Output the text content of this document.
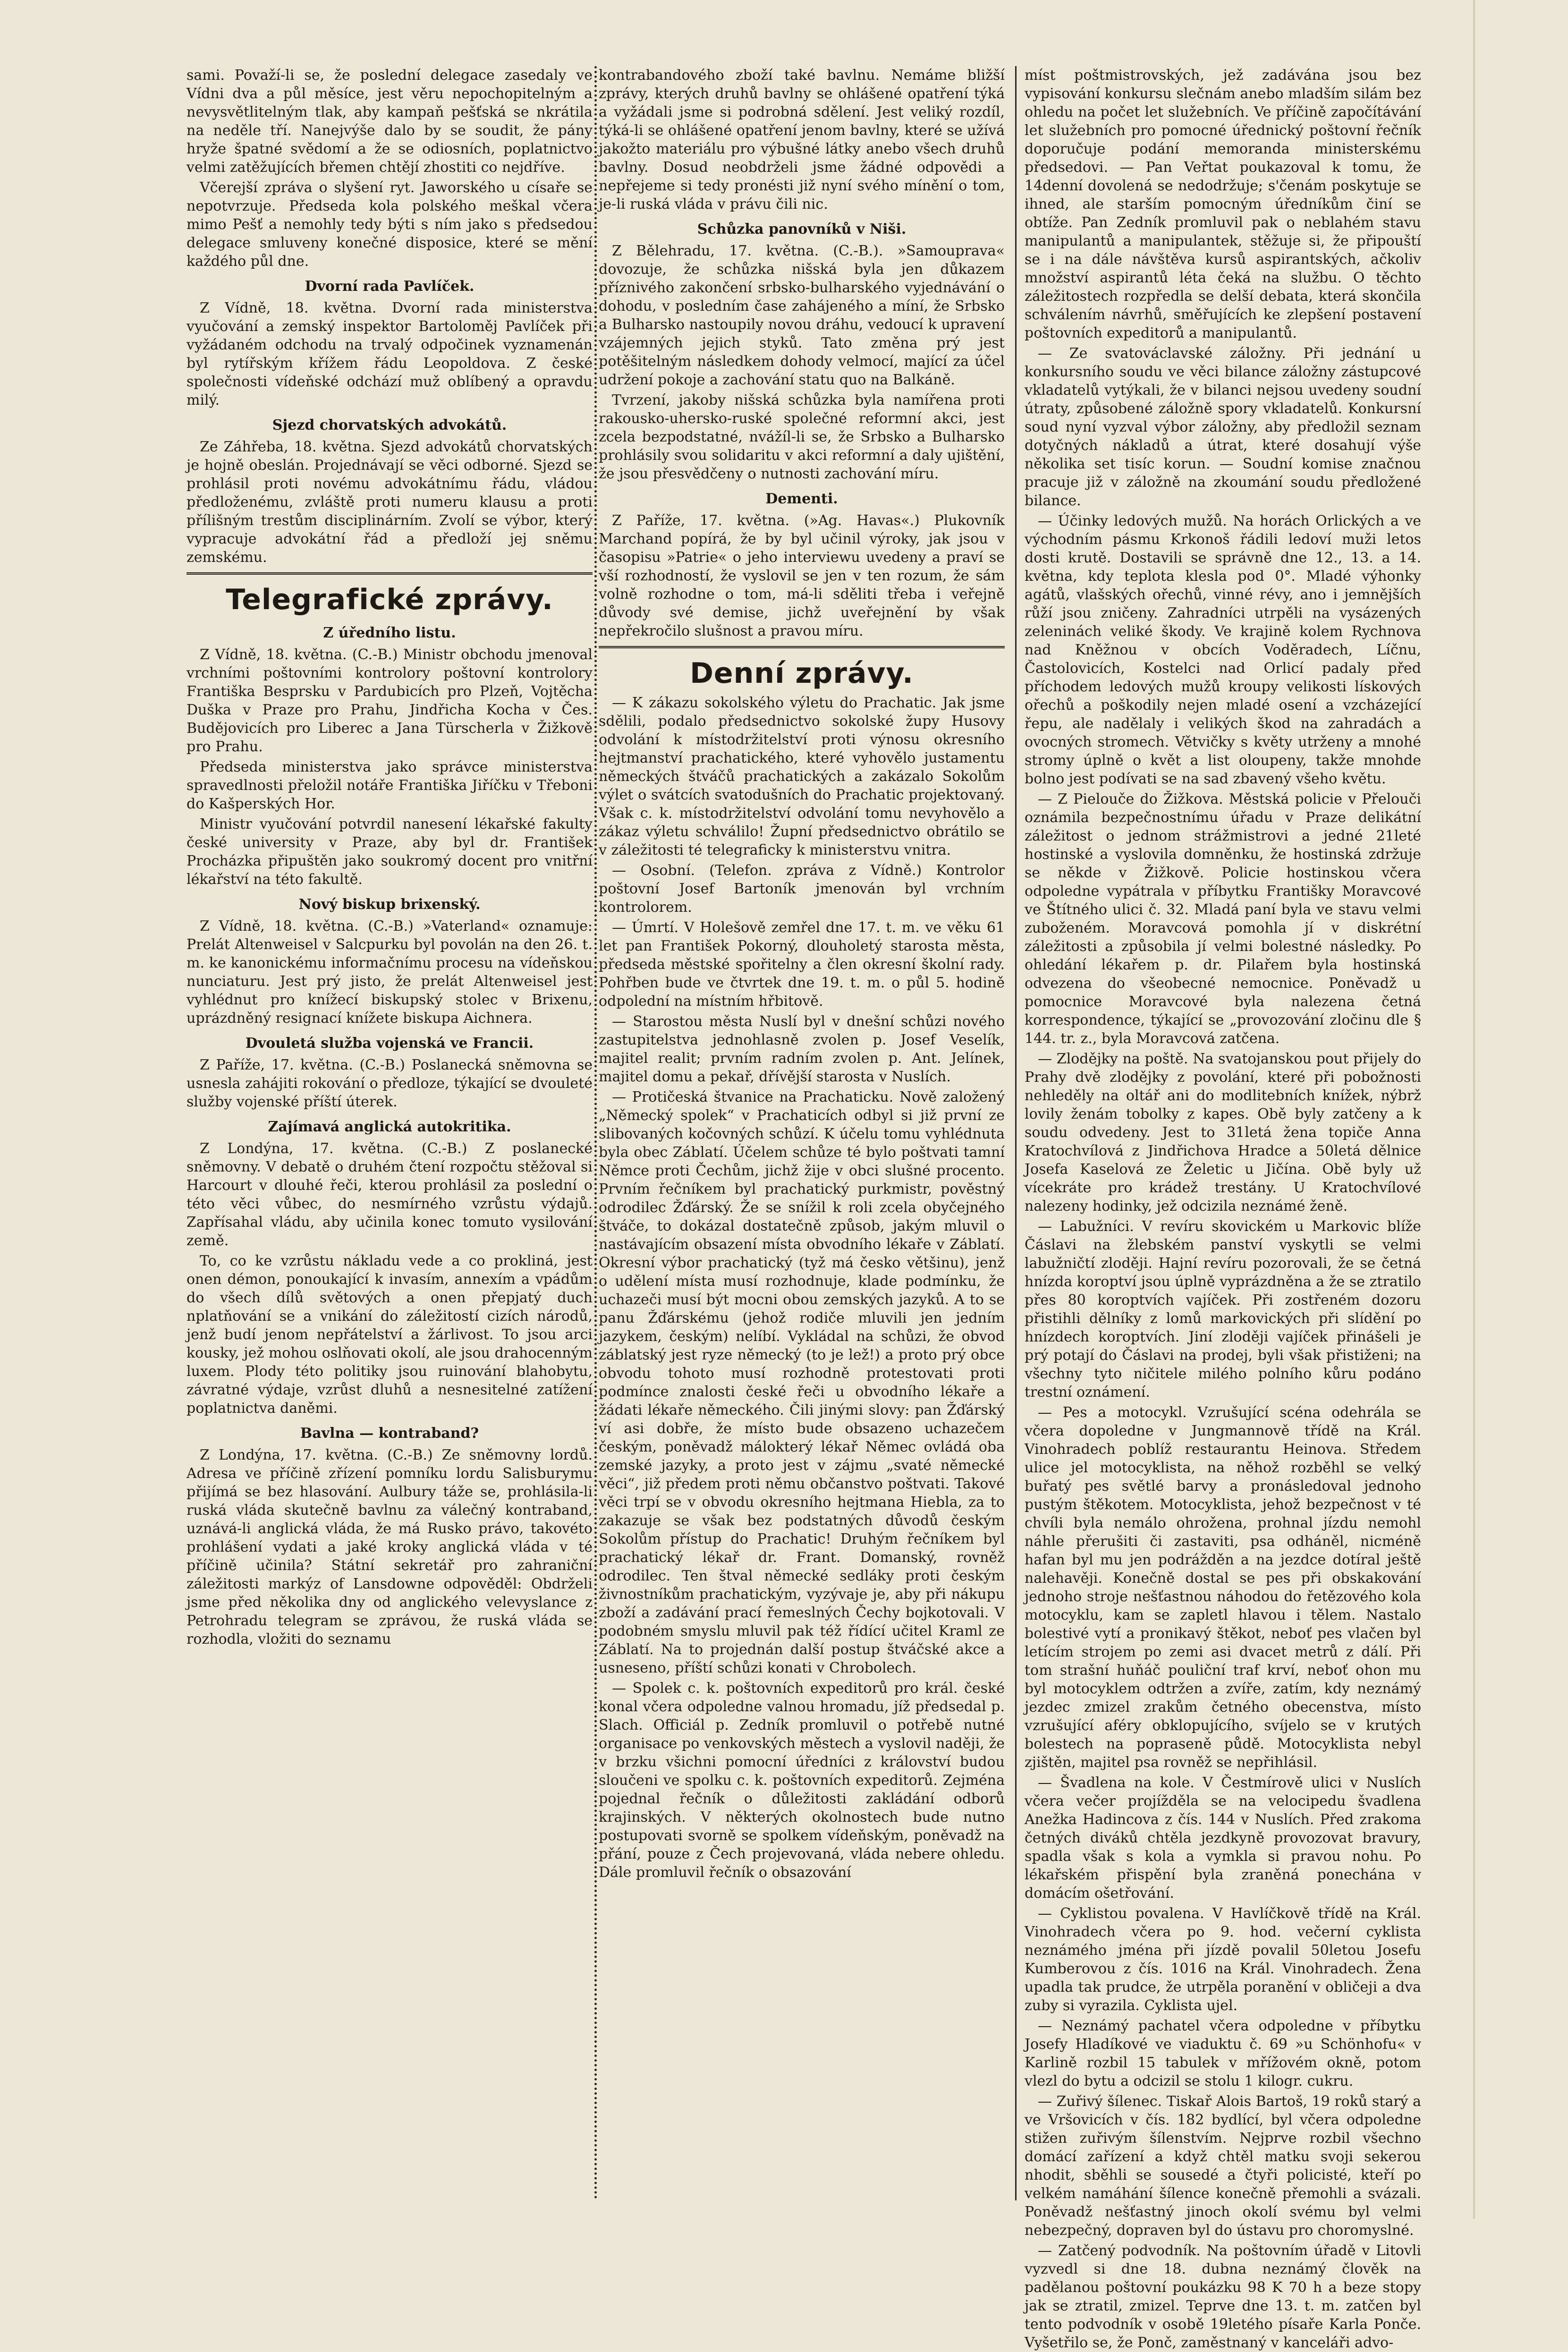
sami. Považí-li se, že poslední delegace zasedaly ve Vídni dva a půl měsíce, jest věru nepochopitelným a nevysvětlitelným tlak, aby kampaň pešťská se nkrátila na neděle tří. Nanejvýše dalo by se soudit, že pány hryže špatné svědomí a že se odiosních, poplatnictvo velmi zatěžujících břemen chtějí zhostiti co nejdříve.

Včerejší zpráva o slyšení ryt. Jaworského u císaře se nepotvrzuje. Předseda kola polského meškal včera mimo Pešť a nemohly tedy býti s ním jako s předsedou delegace smluveny konečné disposice, které se mění každého půl dne.

Dvorní rada Pavlíček.

Z Vídně, 18. května. Dvorní rada ministerstva vyučování a zemský inspektor Bartoloměj Pavlíček při vyžádaném odchodu na trvalý odpočinek vyznamenán byl rytířským křížem řádu Leopoldova. Z české společnosti vídeňské odchází muž oblíbený a opravdu milý.

Sjezd chorvatských advokátů.

Ze Záhřeba, 18. května. Sjezd advokátů chorvatských je hojně obeslán. Projednávají se věci odborné. Sjezd se prohlásil proti novému advokátnímu řádu, vládou předloženému, zvláště proti numeru klausu a proti přílišným trestům disciplinárním. Zvolí se výbor, který vypracuje advokátní řád a předloží jej sněmu zemskému.

Telegrafické zprávy.
Z úředního listu.

Z Vídně, 18. května. (C.-B.) Ministr obchodu jmenoval vrchními poštovními kontrolory poštovní kontrolory Františka Besprsku v Pardubicích pro Plzeň, Vojtěcha Duška v Praze pro Prahu, Jindřicha Kocha v Čes. Budějovicích pro Liberec a Jana Türscherla v Žižkově pro Prahu.

Předseda ministerstva jako správce ministerstva spravedlnosti přeložil notáře Františka Jiříčku v Třeboni do Kašperských Hor.

Ministr vyučování potvrdil nanesení lékařské fakulty české university v Praze, aby byl dr. František Procházka připuštěn jako soukromý docent pro vnitřní lékařství na této fakultě.

Nový biskup brixenský.

Z Vídně, 18. května. (C.-B.) »Vaterland« oznamuje: Prelát Altenweisel v Salcpurku byl povolán na den 26. t. m. ke kanonickému informačnímu procesu na vídeňskou nunciaturu. Jest prý jisto, že prelát Altenweisel jest vyhlédnut pro knížecí biskupský stolec v Brixenu, uprázdněný resignací knížete biskupa Aichnera.

Dvouletá služba vojenská ve Francii.

Z Paříže, 17. května. (C.-B.) Poslanecká sněmovna se usnesla zahájiti rokování o předloze, týkající se dvouleté služby vojenské příští úterek.

Zajímavá anglická autokritika.

Z Londýna, 17. května. (C.-B.) Z poslanecké sněmovny. V debatě o druhém čtení rozpočtu stěžoval si Harcourt v dlouhé řeči, kterou prohlásil za poslední o této věci vůbec, do nesmírného vzrůstu výdajů. Zapřísahal vládu, aby učinila konec tomuto vysilování země.

To, co ke vzrůstu nákladu vede a co prokliná, jest onen démon, ponoukající k invasím, annexím a vpádům do všech dílů světových a onen přepjatý duch nplatňování se a vnikání do záležitostí cizích národů, jenž budí jenom nepřátelství a žárlivost. To jsou arci kousky, jež mohou oslňovati okolí, ale jsou drahocenným luxem. Plody této politiky jsou ruinování blahobytu, závratné výdaje, vzrůst dluhů a nesnesitelné zatížení poplatnictva daněmi.

Bavlna — kontraband?

Z Londýna, 17. května. (C.-B.) Ze sněmovny lordů. Adresa ve příčině zřízení pomníku lordu Salisburymu přijímá se bez hlasování. Aulbury táže se, prohlásila-li ruská vláda skutečně bavlnu za válečný kontraband, uznává-li anglická vláda, že má Rusko právo, takovéto prohlášení vydati a jaké kroky anglická vláda v té příčině učinila? Státní sekretář pro zahraniční záležitosti markýz of Lansdowne odpověděl: Obdrželi jsme před několika dny od anglického velevyslance z Petrohradu telegram se zprávou, že ruská vláda se rozhodla, vložiti do seznamu

kontrabandového zboží také bavlnu. Nemáme bližší zprávy, kterých druhů bavlny se ohlášené opatření týká a vyžádali jsme si podrobná sdělení. Jest veliký rozdíl, týká-li se ohlášené opatření jenom bavlny, které se užívá jakožto materiálu pro výbušné látky anebo všech druhů bavlny. Dosud neobdrželi jsme žádné odpovědi a nepřejeme si tedy pronésti již nyní svého mínění o tom, je-li ruská vláda v právu čili nic.

Schůzka panovníků v Niši.

Z Bělehradu, 17. května. (C.-B.). »Samouprava« dovozuje, že schůzka nišská byla jen důkazem příznivého zakončení srbsko-bulharského vyjednávání o dohodu, v posledním čase zahájeného a míní, že Srbsko a Bulharsko nastoupily novou dráhu, vedoucí k upravení vzájemných jejich styků. Tato změna prý jest potěšitelným následkem dohody velmocí, mající za účel udržení pokoje a zachování statu quo na Balkáně.

Tvrzení, jakoby nišská schůzka byla namířena proti rakousko-uhersko-ruské společné reformní akci, jest zcela bezpodstatné, nvážíl-li se, že Srbsko a Bulharsko prohlásily svou solidaritu v akci reformní a daly ujištění, že jsou přesvědčeny o nutnosti zachování míru.

Dementi.

Z Paříže, 17. května. (»Ag. Havas«.) Plukovník Marchand popírá, že by byl učinil výroky, jak jsou v časopisu »Patrie« o jeho interviewu uvedeny a praví se vší rozhodností, že vyslovil se jen v ten rozum, že sám volně rozhodne o tom, má-li sděliti třeba i veřejně důvody své demise, jichž uveřejnění by však nepřekročilo slušnost a pravou míru.

Denní zprávy.

— K zákazu sokolského výletu do Prachatic. Jak jsme sdělili, podalo předsednictvo sokolské župy Husovy odvolání k místodržitelství proti výnosu okresního hejtmanství prachatického, které vyhovělo justamentu německých štváčů prachatických a zakázalo Sokolům výlet o svátcích svatodušních do Prachatic projektovaný. Však c. k. místodržitelství odvolání tomu nevyhovělo a zákaz výletu schválilo! Župní předsednictvo obrátilo se v záležitosti té telegraficky k ministerstvu vnitra.

— Osobní. (Telefon. zpráva z Vídně.) Kontrolor poštovní Josef Bartoník jmenován byl vrchním kontrolorem.

— Úmrtí. V Holešově zemřel dne 17. t. m. ve věku 61 let pan František Pokorný, dlouholetý starosta města, předseda městské spořitelny a člen okresní školní rady. Pohřben bude ve čtvrtek dne 19. t. m. o půl 5. hodině odpolední na místním hřbitově.

— Starostou města Nuslí byl v dnešní schůzi nového zastupitelstva jednohlasně zvolen p. Josef Veselík, majitel realit; prvním radním zvolen p. Ant. Jelínek, majitel domu a pekař, dřívější starosta v Nuslích.

— Protičeská štvanice na Prachaticku. Nově založený „Německý spolek“ v Prachaticích odbyl si již první ze slibovaných kočovných schůzí. K účelu tomu vyhlédnuta byla obec Záblatí. Účelem schůze té bylo poštvati tamní Němce proti Čechům, jichž žije v obci slušné procento. Prvním řečníkem byl prachatický purkmistr, pověstný odrodilec Žďárský. Že se snížil k roli zcela obyčejného štváče, to dokázal dostatečně způsob, jakým mluvil o nastávajícím obsazení místa obvodního lékaře v Záblatí. Okresní výbor prachatický (tyž má česko většinu), jenž o udělení místa musí rozhodnuje, klade podmínku, že uchazeči musí být mocni obou zemských jazyků. A to se panu Žďárskému (jehož rodiče mluvili jen jedním jazykem, českým) nelíbí. Vykládal na schůzi, že obvod záblatský jest ryze německý (to je lež!) a proto prý obce obvodu tohoto musí rozhodně protestovati proti podmínce znalosti české řeči u obvodního lékaře a žádati lékaře německého. Čili jinými slovy: pan Žďárský ví asi dobře, že místo bude obsazeno uchazečem českým, poněvadž málokterý lékař Němec ovládá oba zemské jazyky, a proto jest v zájmu „svaté německé věci“, již předem proti němu občanstvo poštvati. Takové věci trpí se v obvodu okresního hejtmana Hiebla, za to zakazuje se však bez podstatných důvodů českým Sokolům přístup do Prachatic! Druhým řečníkem byl prachatický lékař dr. Frant. Domanský, rovněž odrodilec. Ten štval německé sedláky proti českým živnostníkům prachatickým, vyzývaje je, aby při nákupu zboží a zadávání prací řemeslných Čechy bojkotovali. V podobném smyslu mluvil pak též řídící učitel Kraml ze Záblatí. Na to projednán další postup štváčské akce a usneseno, příští schůzi konati v Chrobolech.

— Spolek c. k. poštovních expeditorů pro král. české konal včera odpoledne valnou hromadu, jíž předsedal p. Slach. Officiál p. Zedník promluvil o potřebě nutné organisace po venkovských městech a vyslovil naději, že v brzku všichni pomocní úředníci z království budou sloučeni ve spolku c. k. poštovních expeditorů. Zejména pojednal řečník o důležitosti zakládání odborů krajinských. V některých okolnostech bude nutno postupovati svorně se spolkem vídeňským, poněvadž na přání, pouze z Čech projevovaná, vláda nebere ohledu. Dále promluvil řečník o obsazování

míst poštmistrovských, jež zadávána jsou bez vypisování konkursu slečnám anebo mladším silám bez ohledu na počet let služebních. Ve příčině započítávání let služebních pro pomocné úřednický poštovní řečník doporučuje podání memoranda ministerskému předsedovi. — Pan Veřtat poukazoval k tomu, že 14denní dovolená se nedodržuje; s'čenám poskytuje se ihned, ale starším pomocným úředníkům činí se obtíže. Pan Zedník promluvil pak o neblahém stavu manipulantů a manipulantek, stěžuje si, že připouští se i na dále návštěva kursů aspirantských, ačkoliv množství aspirantů léta čeká na službu. O těchto záležitostech rozpředla se delší debata, která skončila schválením návrhů, směřujících ke zlepšení postavení poštovních expeditorů a manipulantů.

— Ze svatováclavské záložny. Při jednání u konkursního soudu ve věci bilance záložny zástupcové vkladatelů vytýkali, že v bilanci nejsou uvedeny soudní útraty, způsobené záložně spory vkladatelů. Konkursní soud nyní vyzval výbor záložny, aby předložil seznam dotyčných nákladů a útrat, které dosahují výše několika set tisíc korun. — Soudní komise značnou pracuje již v záložně na zkoumání soudu předložené bilance.

— Účinky ledových mužů. Na horách Orlických a ve východním pásmu Krkonoš řádili ledoví muži letos dosti krutě. Dostavili se správně dne 12., 13. a 14. května, kdy teplota klesla pod 0°. Mladé výhonky agátů, vlašských ořechů, vinné révy, ano i jemnějších růží jsou zničeny. Zahradníci utrpěli na vysázených zeleninách veliké škody. Ve krajině kolem Rychnova nad Kněžnou v obcích Voděradech, Líčnu, Častolovicích, Kostelci nad Orlicí padaly před příchodem ledových mužů kroupy velikosti lískových ořechů a poškodily nejen mladé osení a vzcházející řepu, ale nadělaly i velikých škod na zahradách a ovocných stromech. Větvičky s květy utrženy a mnohé stromy úplně o květ a list oloupeny, takže mnohde bolno jest podívati se na sad zbavený všeho květu.

— Z Pielouče do Žižkova. Městská policie v Přelouči oznámila bezpečnostnímu úřadu v Praze delikátní záležitost o jednom strážmistrovi a jedné 21leté hostinské a vyslovila domněnku, že hostinská zdržuje se někde v Žižkově. Policie hostinskou včera odpoledne vypátrala v příbytku Františky Moravcové ve Štítného ulici č. 32. Mladá paní byla ve stavu velmi zuboženém. Moravcová pomohla jí v diskrétní záležitosti a způsobila jí velmi bolestné následky. Po ohledání lékařem p. dr. Pilařem byla hostinská odvezena do všeobecné nemocnice. Poněvadž u pomocnice Moravcové byla nalezena četná korrespondence, týkající se „provozování zločinu dle § 144. tr. z., byla Moravcová zatčena.

— Zlodějky na poště. Na svatojanskou pout přijely do Prahy dvě zlodějky z povolání, které při pobožnosti nehleděly na oltář ani do modlitebních knížek, nýbrž lovily ženám tobolky z kapes. Obě byly zatčeny a k soudu odvedeny. Jest to 31letá žena topiče Anna Kratochvílová z Jindřichova Hradce a 50letá dělnice Josefa Kaselová ze Želetic u Jičína. Obě byly už vícekráte pro krádež trestány. U Kratochvílové nalezeny hodinky, jež odcizila neznámé ženě.

— Labužníci. V revíru skovickém u Markovic blíže Čáslavi na žlebském panství vyskytli se velmi labužničtí zloději. Hajní revíru pozorovali, že se četná hnízda koroptví jsou úplně vyprázdněna a že se ztratilo přes 80 koroptvích vajíček. Při zostřeném dozoru přistihli dělníky z lomů markovických při slídění po hnízdech koroptvích. Jiní zloději vajíček přinášeli je prý potají do Čáslavi na prodej, byli však přistiženi; na všechny tyto ničitele milého polního kůru podáno trestní oznámení.

— Pes a motocykl. Vzrušující scéna odehrála se včera dopoledne v Jungmannově třídě na Král. Vinohradech poblíž restaurantu Heinova. Středem ulice jel motocyklista, na něhož rozběhl se velký buřatý pes světlé barvy a pronásledoval jednoho pustým štěkotem. Motocyklista, jehož bezpečnost v té chvíli byla nemálo ohrožena, prohnal jízdu nemohl náhle přerušiti či zastaviti, psa odháněl, nicméně hafan byl mu jen podrážděn a na jezdce dotíral ještě nalehavěji. Konečně dostal se pes při obskakování jednoho stroje nešťastnou náhodou do řetězového kola motocyklu, kam se zapletl hlavou i tělem. Nastalo bolestivé vytí a pronikavý štěkot, neboť pes vlačen byl letícím strojem po zemi asi dvacet metrů z dálí. Při tom strašní huňáč pouliční traf krví, neboť ohon mu byl motocyklem odtržen a zvíře, zatím, kdy neznámý jezdec zmizel zrakům četného obecenstva, místo vzrušující aféry obklopujícího, svíjelo se v krutých bolestech na popraseně půdě. Motocyklista nebyl zjištěn, majitel psa rovněž se nepřihlásil.

— Švadlena na kole. V Čestmírově ulici v Nuslích včera večer projížděla se na velocipedu švadlena Anežka Hadincova z čís. 144 v Nuslích. Před zrakoma četných diváků chtěla jezdkyně provozovat bravury, spadla však s kola a vymkla si pravou nohu. Po lékařském přispění byla zraněná ponechána v domácím ošetřování.

— Cyklistou povalena. V Havlíčkově třídě na Král. Vinohradech včera po 9. hod. večerní cyklista neznámého jména při jízdě povalil 50letou Josefu Kumberovou z čís. 1016 na Král. Vinohradech. Žena upadla tak prudce, že utrpěla poranění v obličeji a dva zuby si vyrazila. Cyklista ujel.

— Neznámý pachatel včera odpoledne v příbytku Josefy Hladíkové ve viaduktu č. 69 »u Schönhofu« v Karlině rozbil 15 tabulek v mřížovém okně, potom vlezl do bytu a odcizil se stolu 1 kilogr. cukru.

— Zuřivý šílenec. Tiskař Alois Bartoš, 19 roků starý a ve Vršovicích v čís. 182 bydlící, byl včera odpoledne stižen zuřivým šílenstvím. Nejprve rozbil všechno domácí zařízení a když chtěl matku svoji sekerou nhodit, sběhli se sousedé a čtyři policisté, kteří po velkém namáhání šílence konečně přemohli a svázali. Poněvadž nešťastný jinoch okolí svému byl velmi nebezpečný, dopraven byl do ústavu pro choromyslné.

— Zatčený podvodník. Na poštovním úřadě v Litovli vyzvedl si dne 18. dubna neznámý člověk na padělanou poštovní poukázku 98 K 70 h a beze stopy jak se ztratil, zmizel. Teprve dne 13. t. m. zatčen byl tento podvodník v osobě 19letého písaře Karla Ponče. Vyšetřilo se, že Ponč, zaměstnaný v kanceláři advo-
